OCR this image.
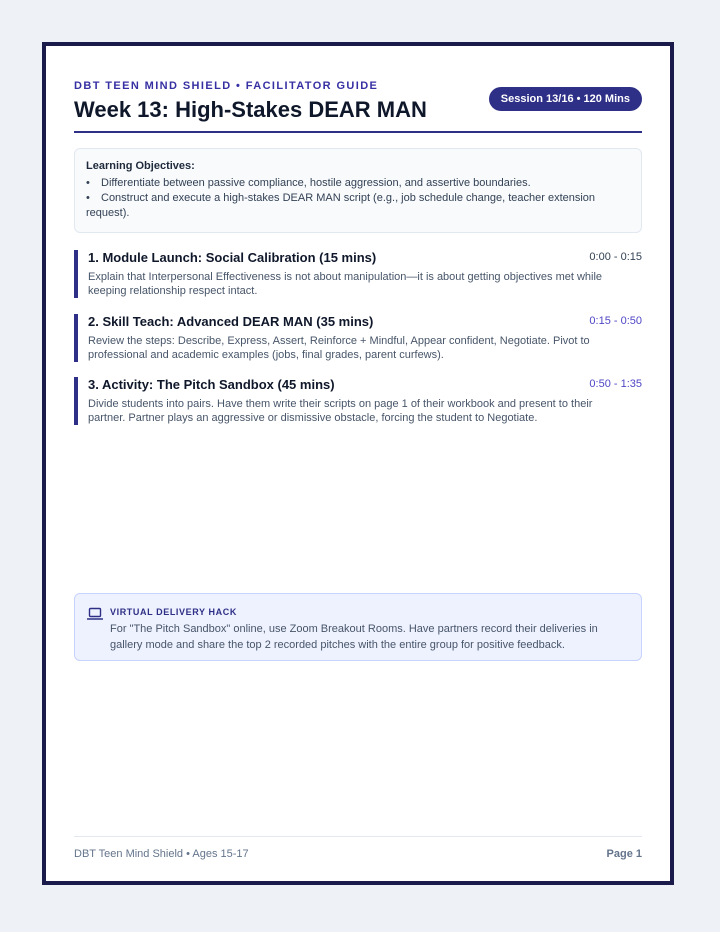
DBT TEEN MIND SHIELD • FACILITATOR GUIDE
Week 13: High-Stakes DEAR MAN	Session 13/16 • 120 Mins
Learning Objectives:
• Differentiate between passive compliance, hostile aggression, and assertive boundaries.
• Construct and execute a high-stakes DEAR MAN script (e.g., job schedule change, teacher extension request).
1. Module Launch: Social Calibration (15 mins)	0:00 - 0:15
Explain that Interpersonal Effectiveness is not about manipulation—it is about getting objectives met while keeping relationship respect intact.
2. Skill Teach: Advanced DEAR MAN (35 mins)	0:15 - 0:50
Review the steps: Describe, Express, Assert, Reinforce + Mindful, Appear confident, Negotiate. Pivot to professional and academic examples (jobs, final grades, parent curfews).
3. Activity: The Pitch Sandbox (45 mins)	0:50 - 1:35
Divide students into pairs. Have them write their scripts on page 1 of their workbook and present to their partner. Partner plays an aggressive or dismissive obstacle, forcing the student to Negotiate.
VIRTUAL DELIVERY HACK
For "The Pitch Sandbox" online, use Zoom Breakout Rooms. Have partners record their deliveries in gallery mode and share the top 2 recorded pitches with the entire group for positive feedback.
DBT Teen Mind Shield • Ages 15-17	Page 1
